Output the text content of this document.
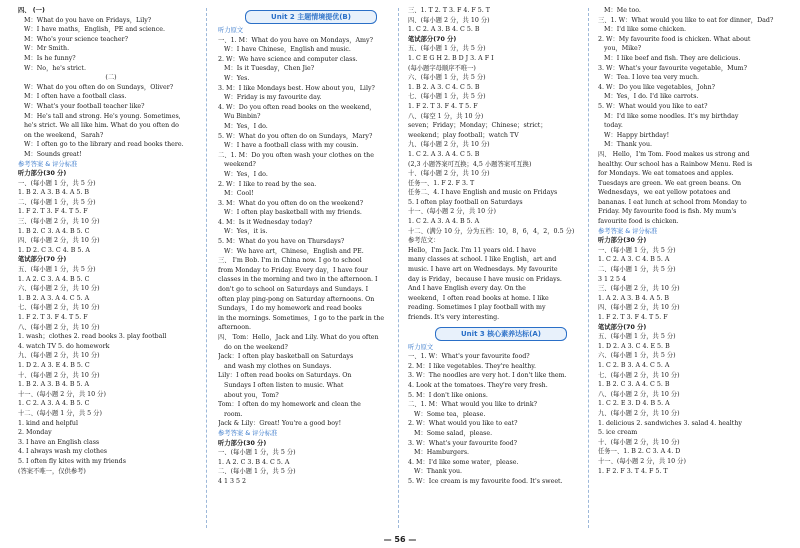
四、 (一)
M：What do you have on Fridays，Lily?
W：I have maths，English，PE and science.
M：Who's your science teacher?
W：Mr Smith.
M：Is he funny?
W：No，he's strict.
(二)
W：What do you often do on Sundays，Oliver?
M：I often have a football class.
W：What's your football teacher like?
M：He's tall and strong. He's young. Sometimes,
he's strict. We all like him. What do you often do
on the weekend，Sarah?
W：I often go to the library and read books there.
M：Sounds great!
参考答案 & 评分标准
听力部分(30 分)
一、(每小题 1 分，共 5 分)
1. B 2. A 3. B 4. A 5. B
二、(每小题 1 分，共 5 分)
1. F 2. T 3. F 4. T 5. F
三、(每小题 2 分，共 10 分)
1. B 2. C 3. A 4. B 5. C
四、(每小题 2 分，共 10 分)
1. D 2. C 3. C 4. B 5. A
笔试部分(70 分)
五、(每小题 1 分，共 5 分)
1. A 2. C 3. A 4. B 5. C
六、(每小题 2 分，共 10 分)
1. B 2. A 3. A 4. C 5. A
七、(每小题 2 分，共 10 分)
1. F 2. T 3. F 4. T 5. F
八、(每小题 2 分，共 10 分)
1. wash；clothes 2. read books 3. play football
4. watch TV 5. do homework
九、(每小题 2 分，共 10 分)
1. D 2. A 3. E 4. B 5. C
十、(每小题 2 分，共 10 分)
1. B 2. A 3. B 4. B 5. A
十一、(每小题 2 分，共 10 分)
1. C 2. A 3. A 4. B 5. C
十二、(每小题 1 分，共 5 分)
1. kind and helpful
2. Monday
3. I have an English class
4. I always wash my clothes
5. I often fly kites with my friends
(答案不唯一，仅供参考)
Unit 2 主题情境提优(B)
听力原文
一、1. M：What do you have on Mondays，Amy?
W：I have Chinese，English and music.
2. W：We have science and computer class.
M：Is it Tuesday，Chen Jie?
W：Yes.
3. M：I like Mondays best. How about you，Lily?
W：Friday is my favourite day.
4. W：Do you often read books on the weekend，
Wu Binbin?
M：Yes，I do.
5. W：What do you often do on Sundays，Mary?
W：I have a football class with my cousin.
二、1. M：Do you often wash your clothes on the
weekend?
W：Yes，I do.
2. W：I like to read by the sea.
M：Cool!
3. M：What do you often do on the weekend?
W：I often play basketball with my friends.
4. M：Is it Wednesday today?
W：Yes，it is.
5. M：What do you have on Thursdays?
W：We have art，Chinese，English and PE.
三、 I'm Bob. I'm in China now. I go to school
from Monday to Friday. Every day，I have four
classes in the morning and two in the afternoon. I
don't go to school on Saturdays and Sundays. I
often play ping-pong on Saturday afternoons. On
Sundays，I do my homework and read books
in the mornings. Sometimes，I go to the park in the
afternoon.
四、 Tom：Hello，Jack and Lily. What do you often
do on the weekend?
Jack：I often play basketball on Saturdays
and wash my clothes on Sundays.
Lily：I often read books on Saturdays. On
Sundays I often listen to music. What
about you，Tom?
Tom：I often do my homework and clean the
room.
Jack & Lily：Great! You're a good boy!
参考答案 & 评分标准
听力部分(30 分)
一、(每小题 1 分，共 5 分)
1. A 2. C 3. B 4. C 5. A
二、(每小题 1 分，共 5 分)
4 1 3 5 2
三、1. T 2. T 3. F 4. F 5. T
四、(每小题 2 分，共 10 分)
1. C 2. A 3. B 4. C 5. B
笔试部分(70 分)
五、(每小题 1 分，共 5 分)
1. C E G H 2. B D J 3. A F I
(每小题字母顺序不唯一)
六、(每小题 1 分，共 5 分)
1. B 2. A 3. C 4. C 5. B
七、(每小题 1 分，共 5 分)
1. F 2. T 3. F 4. T 5. F
八、(每空 1 分，共 10 分)
seven；Friday；Monday；Chinese；strict；
weekend；play football；watch TV
九、(每小题 2 分，共 10 分)
1. C 2. A 3. A 4. C 5. B
(2,3 小题答案可互换；4,5 小题答案可互换)
十、(每小题 2 分，共 10 分)
任务一、1. F 2. F 3. T
任务二、4. I have English and music on Fridays
5. I often play football on Saturdays
十一、(每小题 2 分，共 10 分)
1. C 2. A 3. A 4. B 5. A
十二、(满分 10 分，分为五档：10，8，6，4，2，0.5 分)
参考范文：
Hello，I'm Jack. I'm 11 years old. I have
many classes at school. I like English，art and
music. I have art on Wednesdays. My favourite
day is Friday，because I have music on Fridays.
And I have English every day. On the
weekend，I often read books at home. I like
reading. Sometimes I play football with my
friends. It's very interesting.
Unit 3 核心素养达标(A)
听力原文
一、1. W：What's your favourite food?
2. M：I like vegetables. They're healthy.
3. W：The noodles are very hot. I don't like them.
4. Look at the tomatoes. They're very fresh.
5. M：I don't like onions.
二、1. M：What would you like to drink?
W：Some tea，please.
2. W：What would you like to eat?
M：Some salad，please.
3. W：What's your favourite food?
M：Hamburgers.
4. M：I'd like some water，please.
W：Thank you.
5. W：Ice cream is my favourite food. It's sweet.
M：Me too.
三、1. W：What would you like to eat for dinner，Dad?
M：I'd like some chicken.
2. W：My favourite food is chicken. What about
you，Mike?
M：I like beef and fish. They are delicious.
3. W：What's your favourite vegetable，Mum?
W：Tea. I love tea very much.
4. W：Do you like vegetables，John?
M：Yes，I do. I'd like carrots.
5. W：What would you like to eat?
M：I'd like some noodles. It's my birthday
today.
W：Happy birthday!
M：Thank you.
四、 Hello，I'm Tom. Food makes us strong and
healthy. Our school has a Rainbow Menu. Red is
for Mondays. We eat tomatoes and apples.
Tuesdays are green. We eat green beans. On
Wednesdays，we eat yellow potatoes and
bananas. I eat lunch at school from Monday to
Friday. My favourite food is fish. My mum's
favourite food is chicken.
参考答案 & 评分标准
听力部分(30 分)
一、(每小题 1 分，共 5 分)
1. C 2. A 3. C 4. B 5. A
二、(每小题 1 分，共 5 分)
3 1 2 5 4
三、(每小题 2 分，共 10 分)
1. A 2. A 3. B 4. A 5. B
四、(每小题 2 分，共 10 分)
1. F 2. T 3. F 4. T 5. F
笔试部分(70 分)
五、(每小题 1 分，共 5 分)
1. D 2. A 3. C 4. E 5. B
六、(每小题 1 分，共 5 分)
1. C 2. B 3. A 4. C 5. A
七、(每小题 2 分，共 10 分)
1. B 2. C 3. A 4. C 5. B
八、(每小题 2 分，共 10 分)
1. C 2. E 3. D 4. B 5. A
九、(每小题 2 分，共 10 分)
1. delicious 2. sandwiches 3. salad 4. healthy
5. ice cream
十、(每小题 2 分，共 10 分)
任务一、1. B 2. C 3. A 4. D
十一、(每小题 2 分，共 10 分)
1. F 2. F 3. T 4. F 5. T
— 56 —
